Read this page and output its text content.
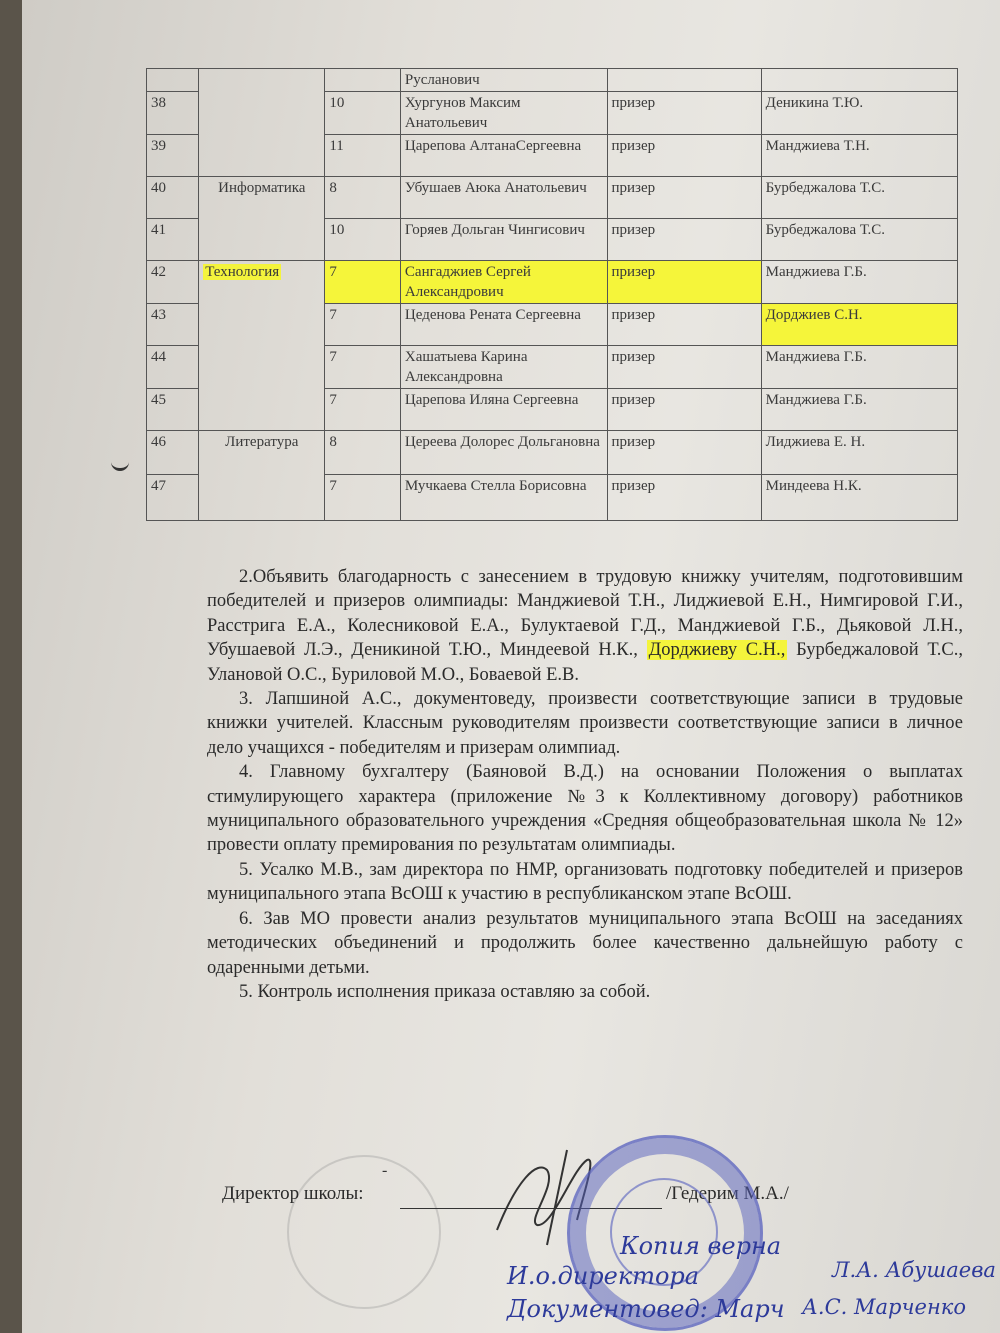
			Русланович		
38		10	Хургунов Максим Анатольевич	призер	Деникина Т.Ю.
39		11	Царепова АлтанаСергеевна	призер	Манджиева Т.Н.
40	Информатика	8	Убушаев Аюка Анатольевич	призер	Бурбеджалова Т.С.
41		10	Горяев Дольган Чингисович	призер	Бурбеджалова Т.С.
42	Технология	7	Сангаджиев Сергей Александрович	призер	Манджиева Г.Б.
43		7	Цеденова Рената Сергеевна	призер	Дорджиев С.Н.
44		7	Хашатыева Карина Александровна	призер	Манджиева Г.Б.
45		7	Царепова Иляна Сергеевна	призер	Манджиева Г.Б.
46	Литература	8	Цереева Долорес Дольгановна	призер	Лиджиева Е. Н.
47		7	Мучкаева Стелла Борисовна	призер	Миндеева Н.К.

2.Объявить благодарность с занесением в трудовую книжку учителям, подготовившим победителей и призеров олимпиады: Манджиевой Т.Н., Лиджиевой Е.Н., Нимгировой Г.И., Расстрига Е.А., Колесниковой Е.А., Булуктаевой Г.Д., Манджиевой Г.Б., Дьяковой Л.Н., Убушаевой Л.Э., Деникиной Т.Ю., Миндеевой Н.К., Дорджиеву С.Н., Бурбеджаловой Т.С., Улановой О.С., Буриловой М.О., Боваевой Е.В.

3. Лапшиной А.С., документоведу, произвести соответствующие записи в трудовые книжки учителей. Классным руководителям произвести соответствующие записи в личное дело учащихся - победителям и призерам олимпиад.

4. Главному бухгалтеру (Баяновой В.Д.) на основании Положения о выплатах стимулирующего характера (приложение №3 к Коллективному договору) работников муниципального образовательного учреждения «Средняя общеобразовательная школа № 12» провести оплату премирования по результатам олимпиады.

5. Усалко М.В., зам директора по НМР, организовать подготовку победителей и призеров муниципального этапа ВсОШ к участию в республиканском этапе ВсОШ.

6. Зав МО провести анализ результатов муниципального этапа ВсОШ на заседаниях методических объединений и продолжить более качественно дальнейшую работу с одаренными детьми.

5. Контроль исполнения приказа оставляю за собой.

-
Директор школы:	/Гедерим М.А./
Копия верна
И.о.директора	Л.А. Абушаева
Документовед: Марч А.С. Марченко
